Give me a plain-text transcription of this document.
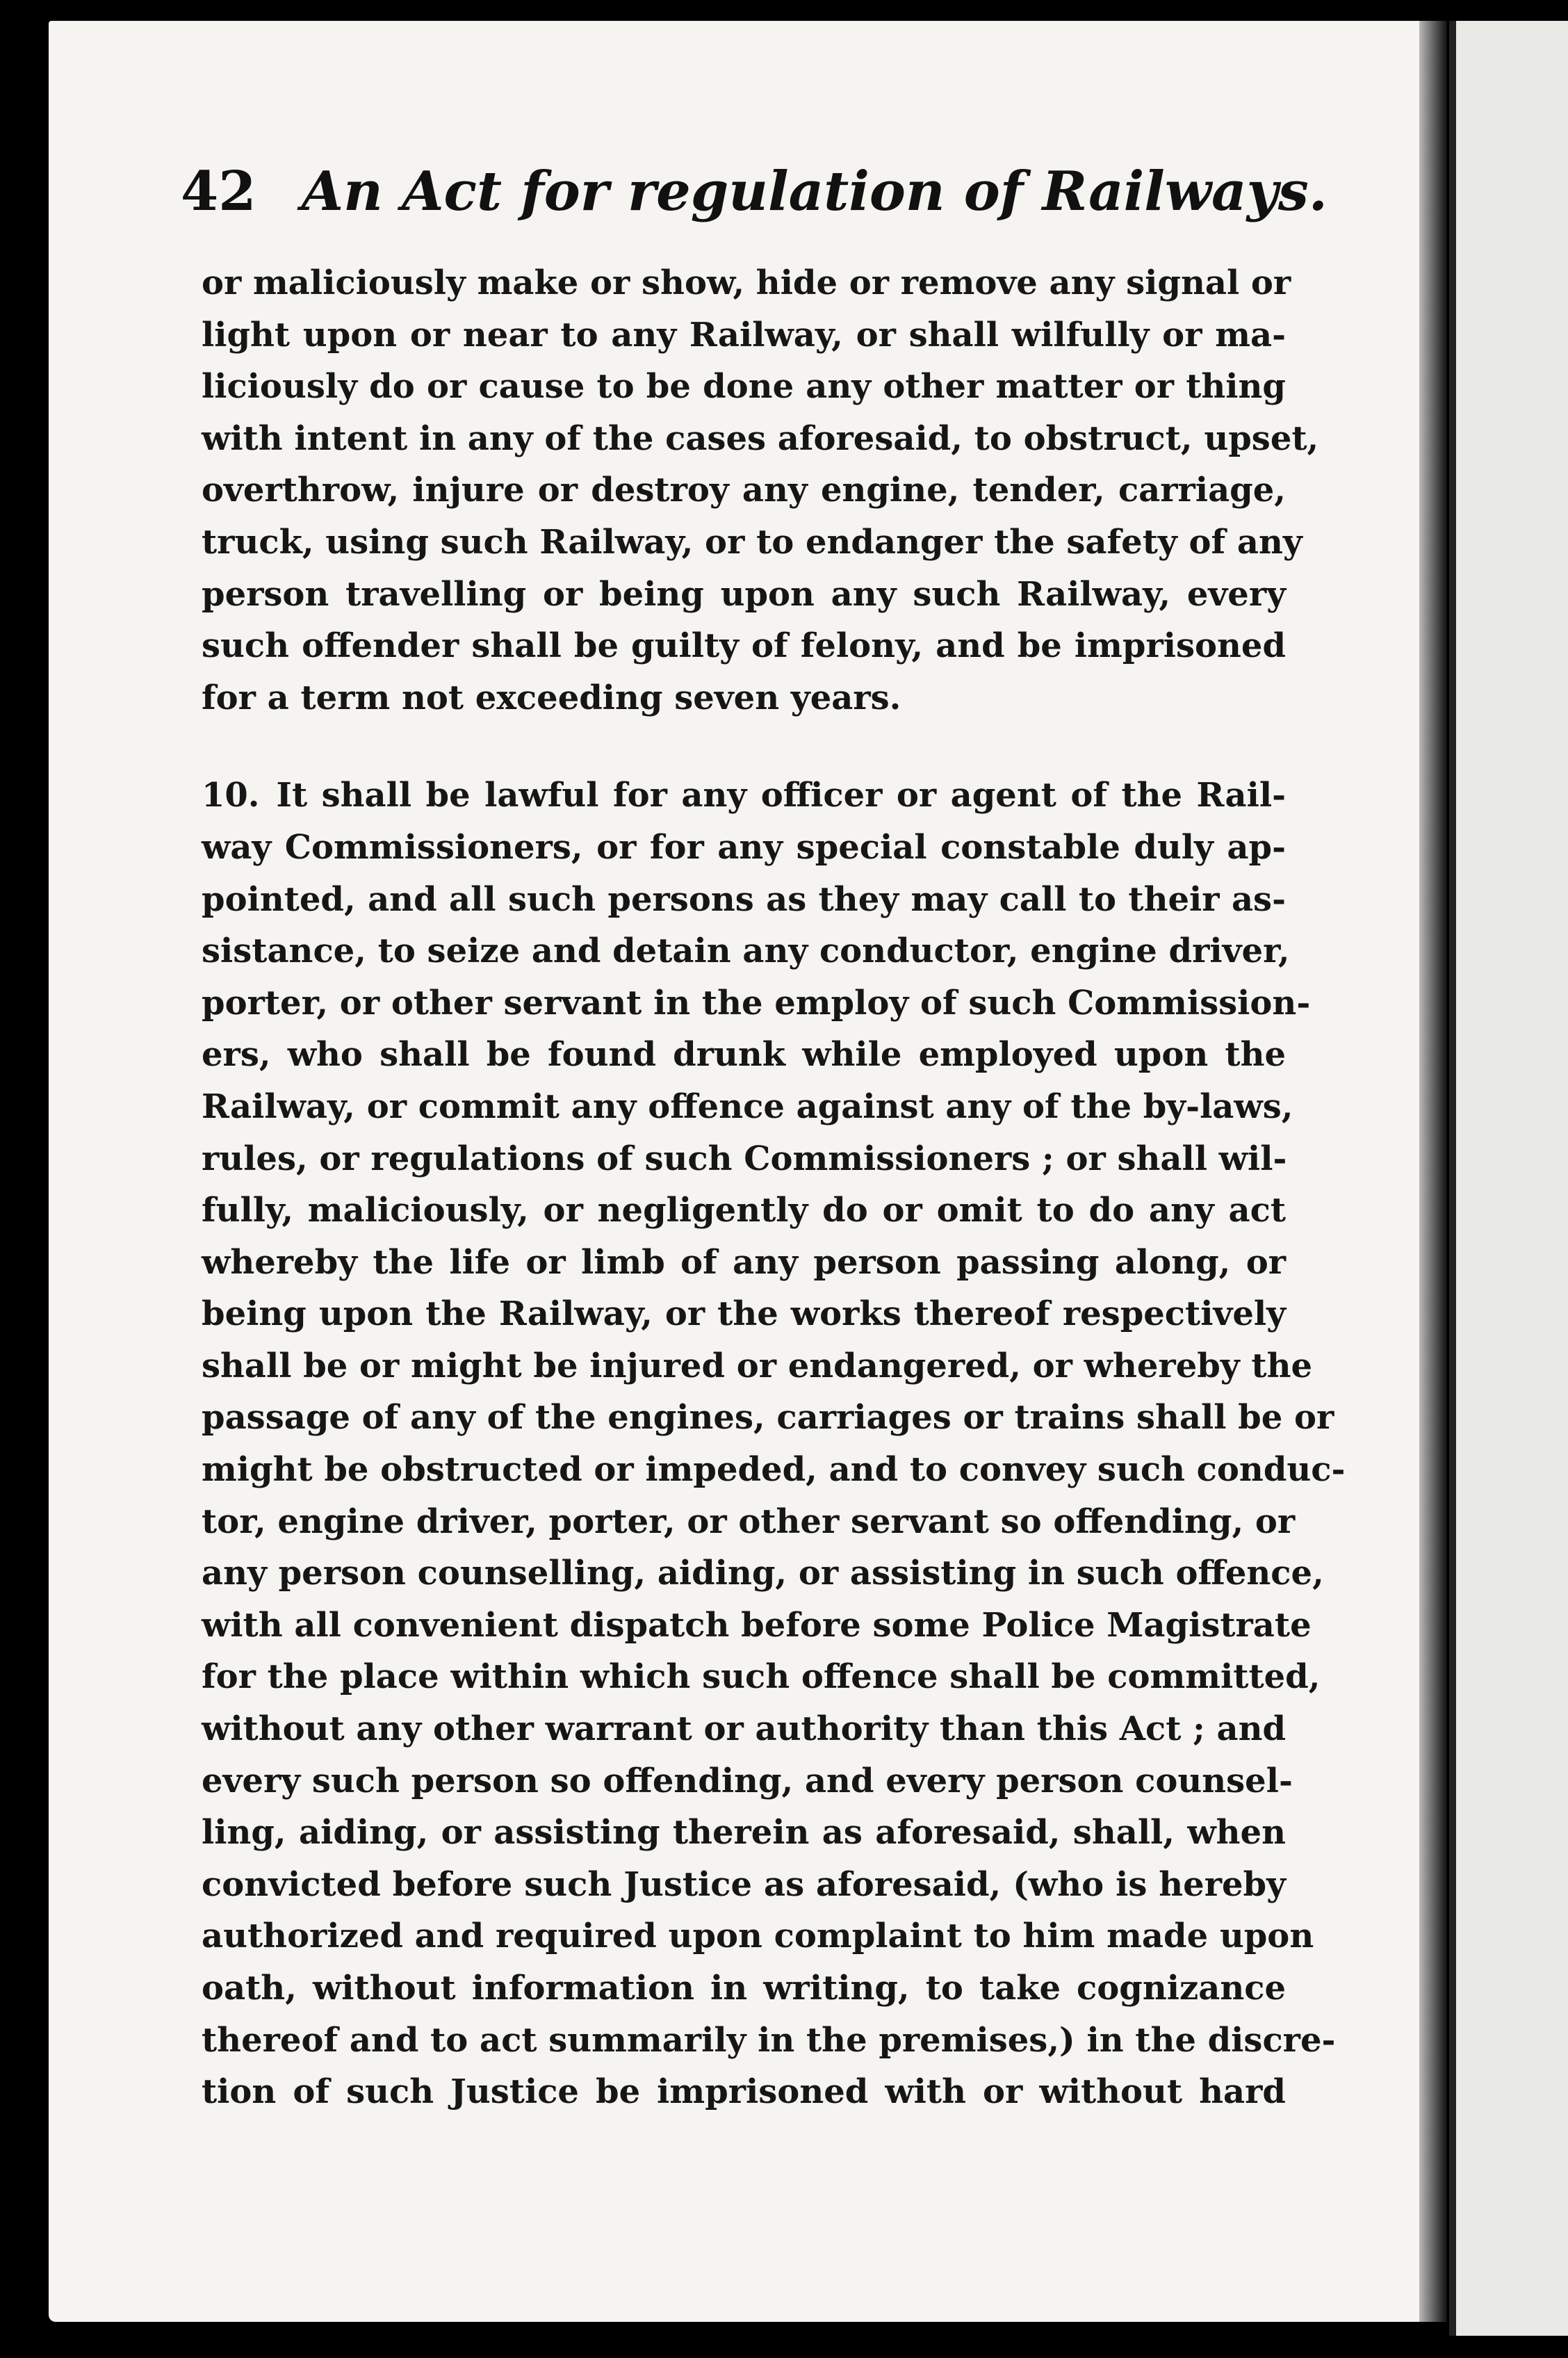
42 An Act for regulation of Railways.
or maliciously make or show, hide or remove any signal or
light upon or near to any Railway, or shall wilfully or ma-
liciously do or cause to be done any other matter or thing
with intent in any of the cases aforesaid, to obstruct, upset,
overthrow, injure or destroy any engine, tender, carriage,
truck, using such Railway, or to endanger the safety of any
person travelling or being upon any such Railway, every
such offender shall be guilty of felony, and be imprisoned
for a term not exceeding seven years.
10. It shall be lawful for any officer or agent of the Rail-
way Commissioners, or for any special constable duly ap-
pointed, and all such persons as they may call to their as-
sistance, to seize and detain any conductor, engine driver,
porter, or other servant in the employ of such Commission-
ers, who shall be found drunk while employed upon the
Railway, or commit any offence against any of the by-laws,
rules, or regulations of such Commissioners ; or shall wil-
fully, maliciously, or negligently do or omit to do any act
whereby the life or limb of any person passing along, or
being upon the Railway, or the works thereof respectively
shall be or might be injured or endangered, or whereby the
passage of any of the engines, carriages or trains shall be or
might be obstructed or impeded, and to convey such conduc-
tor, engine driver, porter, or other servant so offending, or
any person counselling, aiding, or assisting in such offence,
with all convenient dispatch before some Police Magistrate
for the place within which such offence shall be committed,
without any other warrant or authority than this Act ; and
every such person so offending, and every person counsel-
ling, aiding, or assisting therein as aforesaid, shall, when
convicted before such Justice as aforesaid, (who is hereby
authorized and required upon complaint to him made upon
oath, without information in writing, to take cognizance
thereof and to act summarily in the premises,) in the discre-
tion of such Justice be imprisoned with or without hard
